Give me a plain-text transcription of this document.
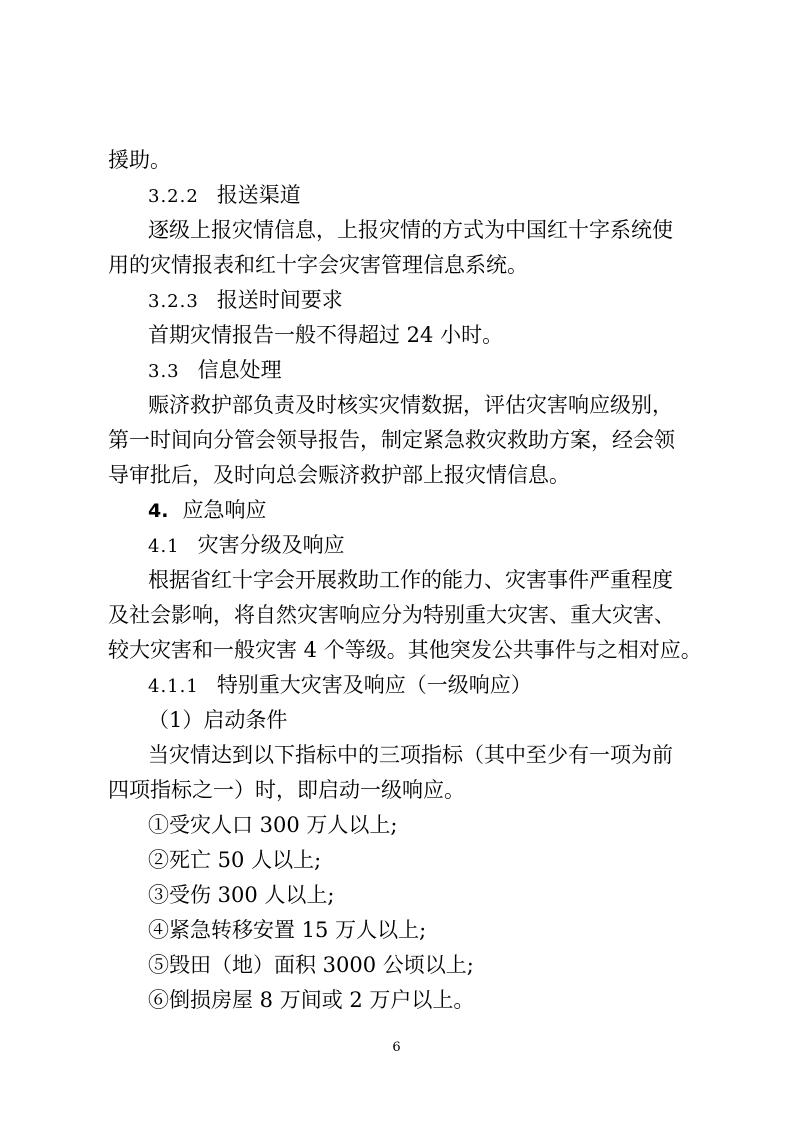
援助。
3.2.2 报送渠道
逐级上报灾情信息，上报灾情的方式为中国红十字系统使
用的灾情报表和红十字会灾害管理信息系统。
3.2.3 报送时间要求
首期灾情报告一般不得超过 24 小时。
3.3 信息处理
赈济救护部负责及时核实灾情数据，评估灾害响应级别，
第一时间向分管会领导报告，制定紧急救灾救助方案，经会领
导审批后，及时向总会赈济救护部上报灾情信息。
4. 应急响应
4.1 灾害分级及响应
根据省红十字会开展救助工作的能力、灾害事件严重程度
及社会影响，将自然灾害响应分为特别重大灾害、重大灾害、
较大灾害和一般灾害 4 个等级。其他突发公共事件与之相对应。
4.1.1 特别重大灾害及响应（一级响应）
（1）启动条件
当灾情达到以下指标中的三项指标（其中至少有一项为前
四项指标之一）时，即启动一级响应。
①受灾人口 300 万人以上;
②死亡 50 人以上;
③受伤 300 人以上;
④紧急转移安置 15 万人以上;
⑤毁田（地）面积 3000 公顷以上;
⑥倒损房屋 8 万间或 2 万户以上。
6
